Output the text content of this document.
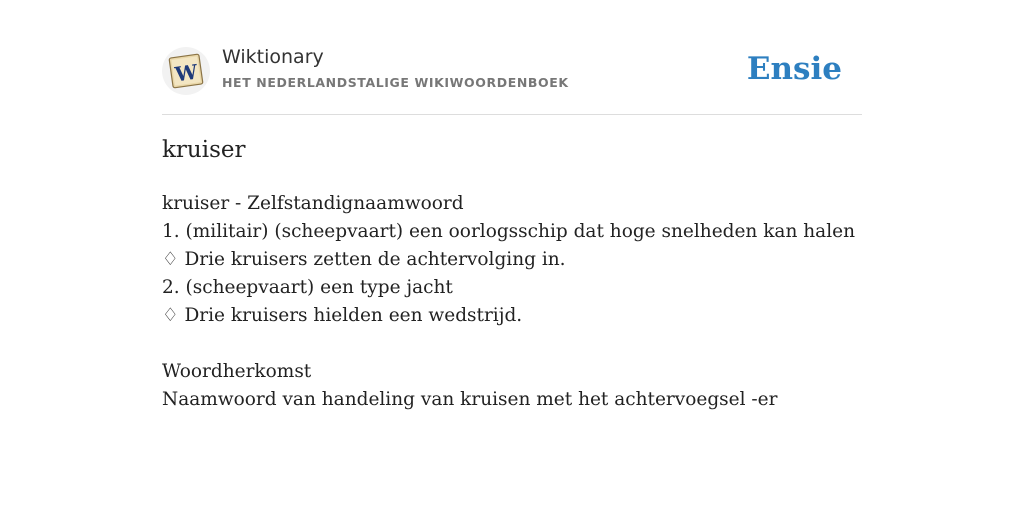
W
Wiktionary
HET NEDERLANDSTALIGE WIKIWOORDENBOEK	Ensie
kruiser
kruiser - Zelfstandignaamwoord
1. (militair) (scheepvaart) een oorlogsschip dat hoge snelheden kan halen
♢ Drie kruisers zetten de achtervolging in.
2. (scheepvaart) een type jacht
♢ Drie kruisers hielden een wedstrijd.
Woordherkomst
Naamwoord van handeling van kruisen met het achtervoegsel -er
